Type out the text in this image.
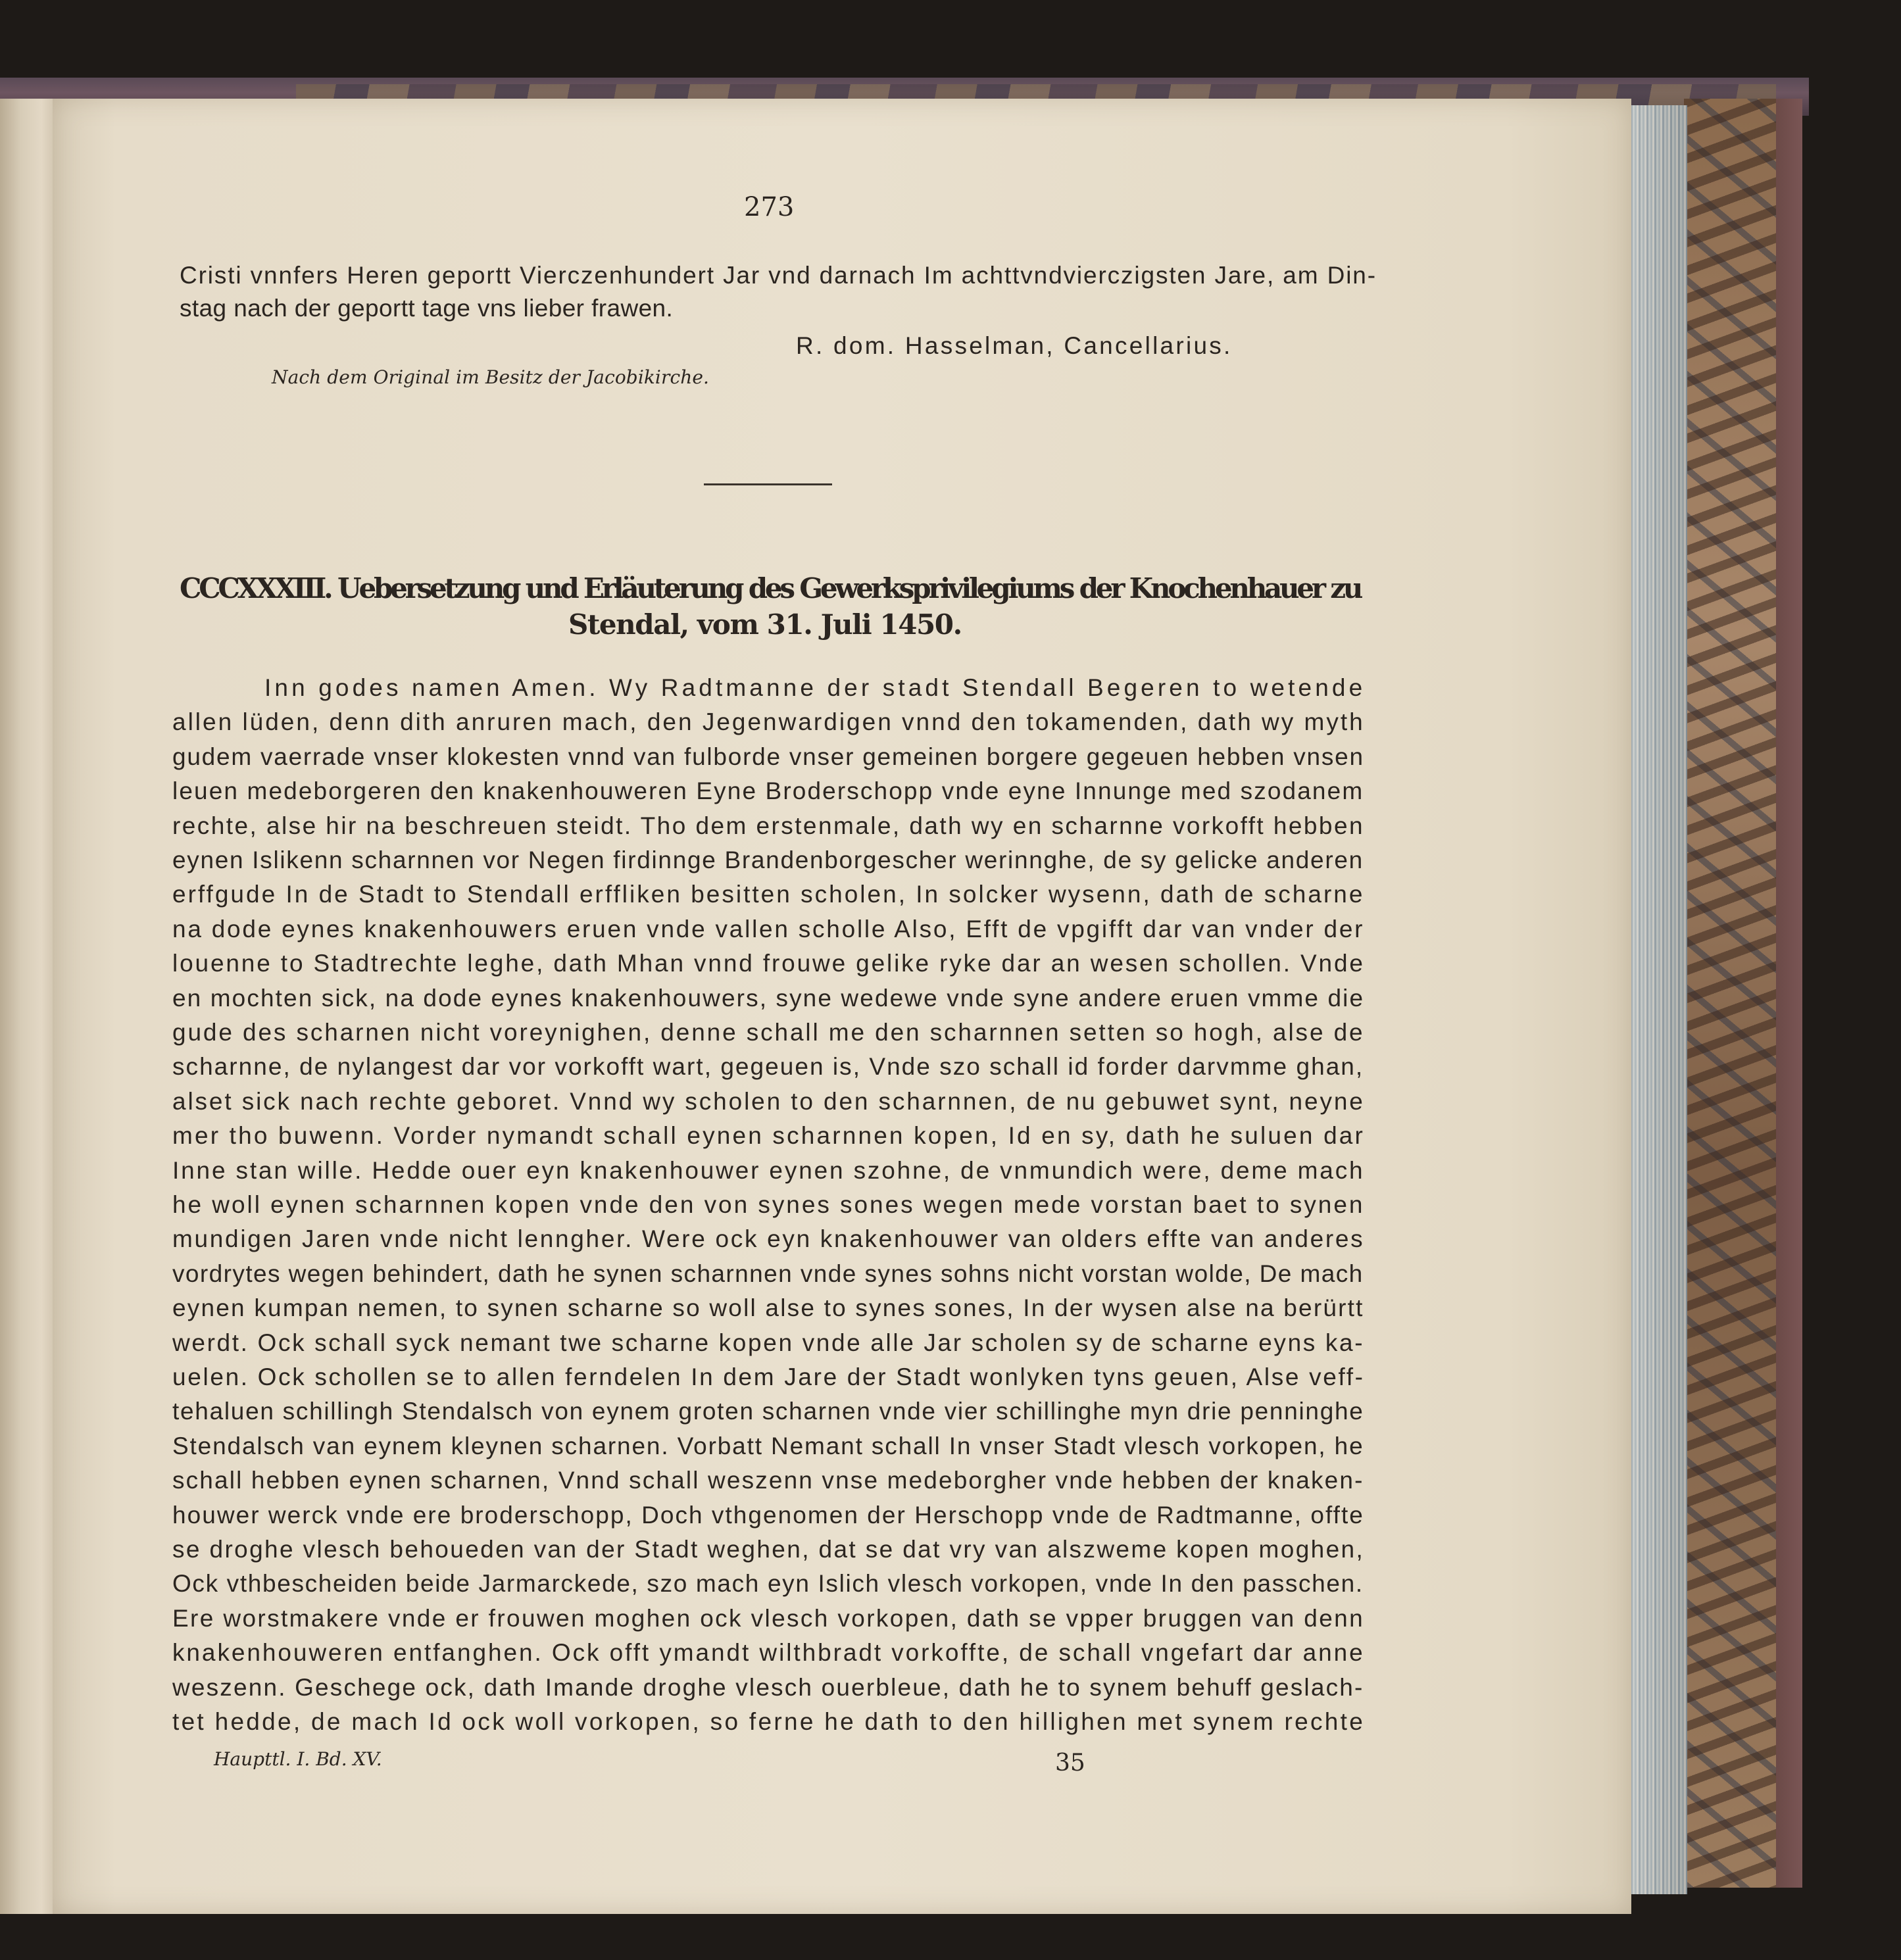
273
Cristi vnnfers Heren geportt Vierczenhundert Jar vnd darnach Im achttvndvierczigsten Jare, am Din-
stag nach der geportt tage vns lieber frawen.
R. dom. Hasselman, Cancellarius.
Nach dem Original im Besitz der Jacobikirche.
CCCXXXIII. Uebersetzung und Erläuterung des Gewerksprivilegiums der Knochenhauer zu
Stendal, vom 31. Juli 1450.
Inn godes namen Amen. Wy Radtmanne der stadt Stendall Begeren to wetende
allen lüden, denn dith anruren mach, den Jegenwardigen vnnd den tokamenden, dath wy myth
gudem vaerrade vnser klokesten vnnd van fulborde vnser gemeinen borgere gegeuen hebben vnsen
leuen medeborgeren den knakenhouweren Eyne Broderschopp vnde eyne Innunge med szodanem
rechte, alse hir na beschreuen steidt. Tho dem erstenmale, dath wy en scharnne vorkofft hebben
eynen Islikenn scharnnen vor Negen firdinnge Brandenborgescher werinnghe, de sy gelicke anderen
erffgude In de Stadt to Stendall erffliken besitten scholen, In solcker wysenn, dath de scharne
na dode eynes knakenhouwers eruen vnde vallen scholle Also, Efft de vpgifft dar van vnder der
louenne to Stadtrechte leghe, dath Mhan vnnd frouwe gelike ryke dar an wesen schollen. Vnde
en mochten sick, na dode eynes knakenhouwers, syne wedewe vnde syne andere eruen vmme die
gude des scharnen nicht voreynighen, denne schall me den scharnnen setten so hogh, alse de
scharnne, de nylangest dar vor vorkofft wart, gegeuen is, Vnde szo schall id forder darvmme ghan,
alset sick nach rechte geboret. Vnnd wy scholen to den scharnnen, de nu gebuwet synt, neyne
mer tho buwenn. Vorder nymandt schall eynen scharnnen kopen, Id en sy, dath he suluen dar
Inne stan wille. Hedde ouer eyn knakenhouwer eynen szohne, de vnmundich were, deme mach
he woll eynen scharnnen kopen vnde den von synes sones wegen mede vorstan baet to synen
mundigen Jaren vnde nicht lenngher. Were ock eyn knakenhouwer van olders effte van anderes
vordrytes wegen behindert, dath he synen scharnnen vnde synes sohns nicht vorstan wolde, De mach
eynen kumpan nemen, to synen scharne so woll alse to synes sones, In der wysen alse na berürtt
werdt. Ock schall syck nemant twe scharne kopen vnde alle Jar scholen sy de scharne eyns ka-
uelen. Ock schollen se to allen ferndelen In dem Jare der Stadt wonlyken tyns geuen, Alse veff-
tehaluen schillingh Stendalsch von eynem groten scharnen vnde vier schillinghe myn drie penninghe
Stendalsch van eynem kleynen scharnen. Vorbatt Nemant schall In vnser Stadt vlesch vorkopen, he
schall hebben eynen scharnen, Vnnd schall weszenn vnse medeborgher vnde hebben der knaken-
houwer werck vnde ere broderschopp, Doch vthgenomen der Herschopp vnde de Radtmanne, offte
se droghe vlesch behoueden van der Stadt weghen, dat se dat vry van alszweme kopen moghen,
Ock vthbescheiden beide Jarmarckede, szo mach eyn Islich vlesch vorkopen, vnde In den passchen.
Ere worstmakere vnde er frouwen moghen ock vlesch vorkopen, dath se vpper bruggen van denn
knakenhouweren entfanghen. Ock offt ymandt wilthbradt vorkoffte, de schall vngefart dar anne
weszenn. Geschege ock, dath Imande droghe vlesch ouerbleue, dath he to synem behuff geslach-
tet hedde, de mach Id ock woll vorkopen, so ferne he dath to den hillighen met synem rechte
Haupttl. I. Bd. XV.	35
